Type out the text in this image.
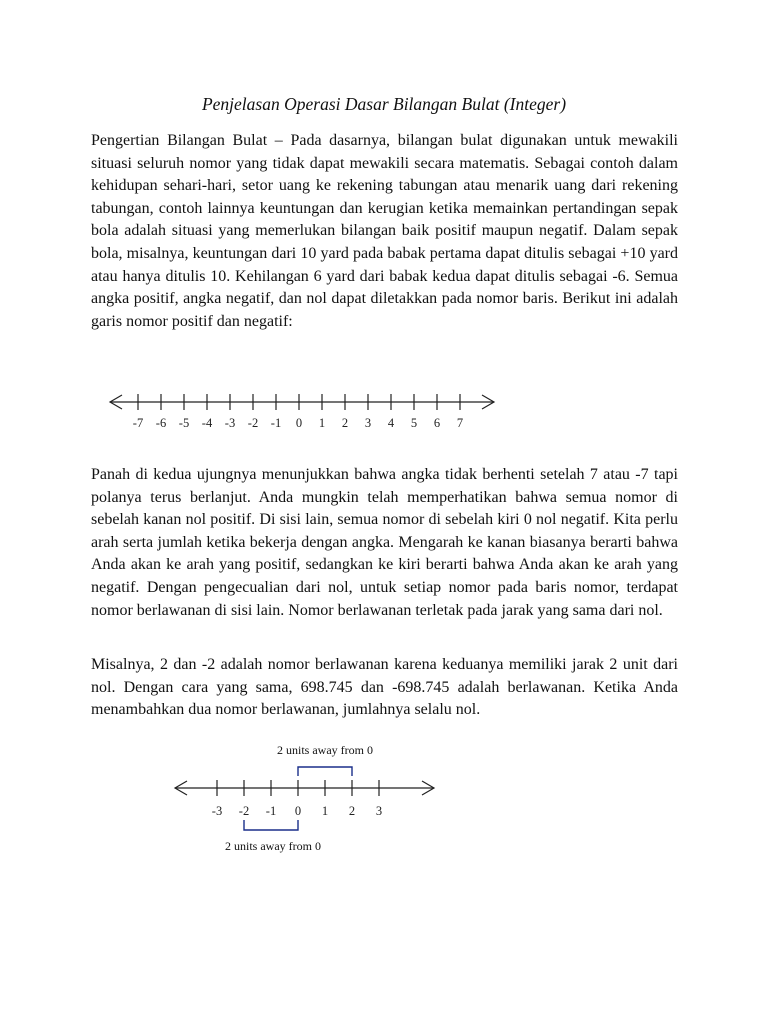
Penjelasan Operasi Dasar Bilangan Bulat (Integer)

Pengertian Bilangan Bulat – Pada dasarnya, bilangan bulat digunakan untuk mewakili situasi seluruh nomor yang tidak dapat mewakili secara matematis. Sebagai contoh dalam kehidupan sehari-hari, setor uang ke rekening tabungan atau menarik uang dari rekening tabungan, contoh lainnya keuntungan dan kerugian ketika memainkan pertandingan sepak bola adalah situasi yang memerlukan bilangan baik positif maupun negatif. Dalam sepak bola, misalnya, keuntungan dari 10 yard pada babak pertama dapat ditulis sebagai +10 yard atau hanya ditulis 10. Kehilangan 6 yard dari babak kedua dapat ditulis sebagai -6. Semua angka positif, angka negatif, dan nol dapat diletakkan pada nomor baris. Berikut ini adalah garis nomor positif dan negatif:

-7 -6 -5 -4 -3 -2 -1 0 1 2 3 4 5 6 7

Panah di kedua ujungnya menunjukkan bahwa angka tidak berhenti setelah 7 atau -7 tapi polanya terus berlanjut. Anda mungkin telah memperhatikan bahwa semua nomor di sebelah kanan nol positif. Di sisi lain, semua nomor di sebelah kiri 0 nol negatif. Kita perlu arah serta jumlah ketika bekerja dengan angka. Mengarah ke kanan biasanya berarti bahwa Anda akan ke arah yang positif, sedangkan ke kiri berarti bahwa Anda akan ke arah yang negatif. Dengan pengecualian dari nol, untuk setiap nomor pada baris nomor, terdapat nomor berlawanan di sisi lain. Nomor berlawanan terletak pada jarak yang sama dari nol.

Misalnya, 2 dan -2 adalah nomor berlawanan karena keduanya memiliki jarak 2 unit dari nol. Dengan cara yang sama, 698.745 dan -698.745 adalah berlawanan. Ketika Anda menambahkan dua nomor berlawanan, jumlahnya selalu nol.

2 units away from 0
-3 -2 -1 0 1 2 3
2 units away from 0
